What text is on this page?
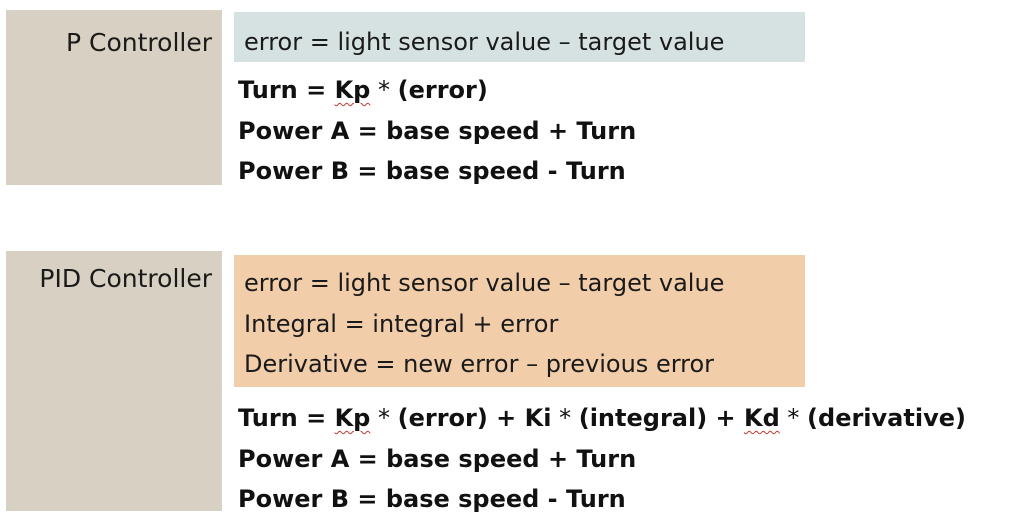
P Controller	error = light sensor value – target value
Turn = Kp * (error)
Power A = base speed + Turn
Power B = base speed - Turn
PID Controller	error = light sensor value – target value
Integral = integral + error
Derivative = new error – previous error
Turn = Kp * (error) + Ki * (integral) + Kd * (derivative)
Power A = base speed + Turn
Power B = base speed - Turn
